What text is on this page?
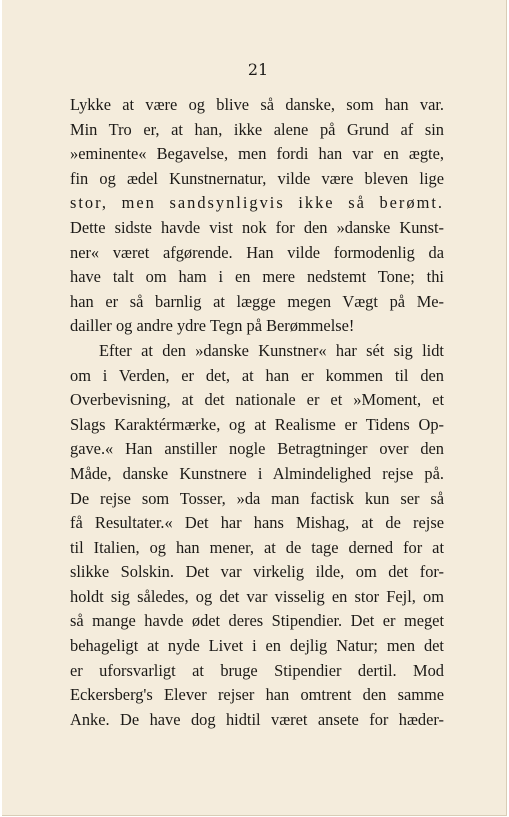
21
Lykke at være og blive så danske, som han var.
Min Tro er, at han, ikke alene på Grund af sin
»eminente« Begavelse, men fordi han var en ægte,
fin og ædel Kunstnernatur, vilde være bleven lige
stor, men sandsynligvis ikke så berømt.
Dette sidste havde vist nok for den »danske Kunst-
ner« været afgørende. Han vilde formodenlig da
have talt om ham i en mere nedstemt Tone; thi
han er så barnlig at lægge megen Vægt på Me-
dailler og andre ydre Tegn på Berømmelse!
Efter at den »danske Kunstner« har sét sig lidt
om i Verden, er det, at han er kommen til den
Overbevisning, at det nationale er et »Moment, et
Slags Karaktérmærke, og at Realisme er Tidens Op-
gave.« Han anstiller nogle Betragtninger over den
Måde, danske Kunstnere i Almindelighed rejse på.
De rejse som Tosser, »da man factisk kun ser så
få Resultater.« Det har hans Mishag, at de rejse
til Italien, og han mener, at de tage derned for at
slikke Solskin. Det var virkelig ilde, om det for-
holdt sig således, og det var visselig en stor Fejl, om
så mange havde ødet deres Stipendier. Det er meget
behageligt at nyde Livet i en dejlig Natur; men det
er uforsvarligt at bruge Stipendier dertil. Mod
Eckersberg's Elever rejser han omtrent den samme
Anke. De have dog hidtil været ansete for hæder-
